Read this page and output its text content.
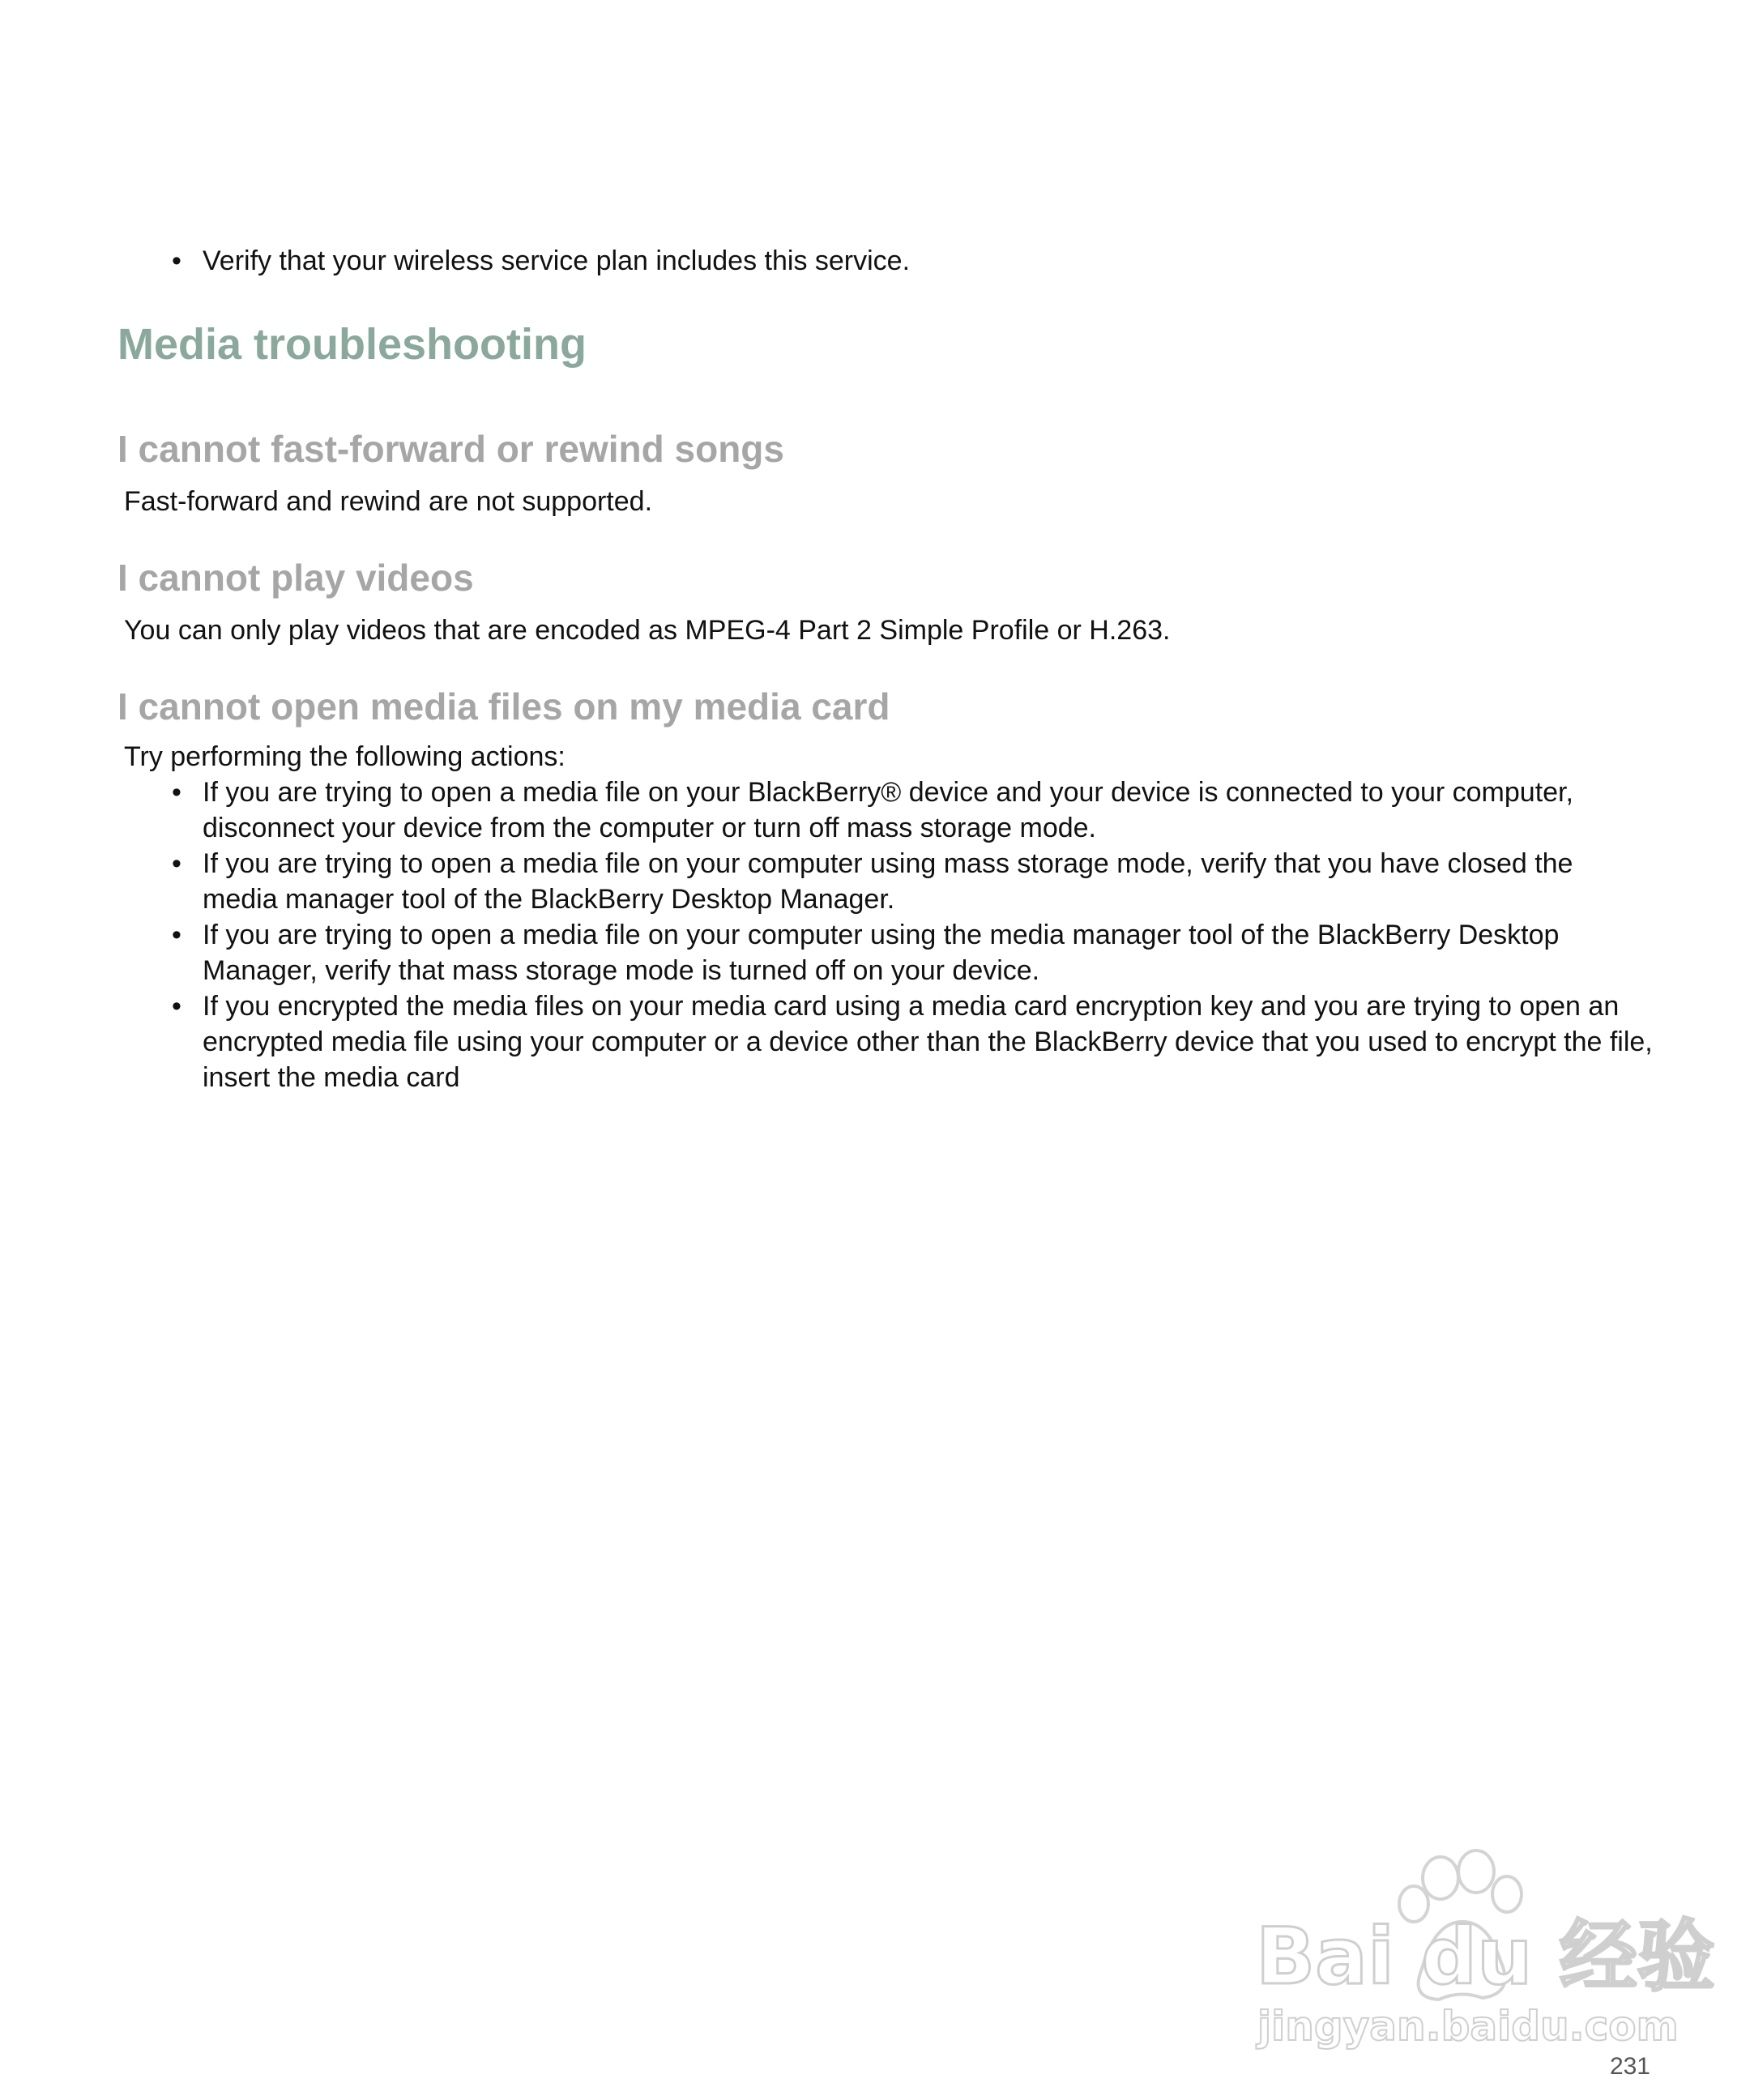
• Verify that your wireless service plan includes this service.
Media troubleshooting
I cannot fast-forward or rewind songs

Fast-forward and rewind are not supported.

I cannot play videos

You can only play videos that are encoded as MPEG-4 Part 2 Simple Profile or H.263.

I cannot open media files on my media card

Try performing the following actions:

• If you are trying to open a media file on your BlackBerry® device and your device is connected to your computer, disconnect your device from the computer or turn off mass storage mode.
• If you are trying to open a media file on your computer using mass storage mode, verify that you have closed the media manager tool of the BlackBerry Desktop Manager.
• If you are trying to open a media file on your computer using the media manager tool of the BlackBerry Desktop Manager, verify that mass storage mode is turned off on your device.
• If you encrypted the media files on your media card using a media card encryption key and you are trying to open an encrypted media file using your computer or a device other than the BlackBerry device that you used to encrypt the file, insert the media card
Bai du 经验
jingyan.baidu.com
231
